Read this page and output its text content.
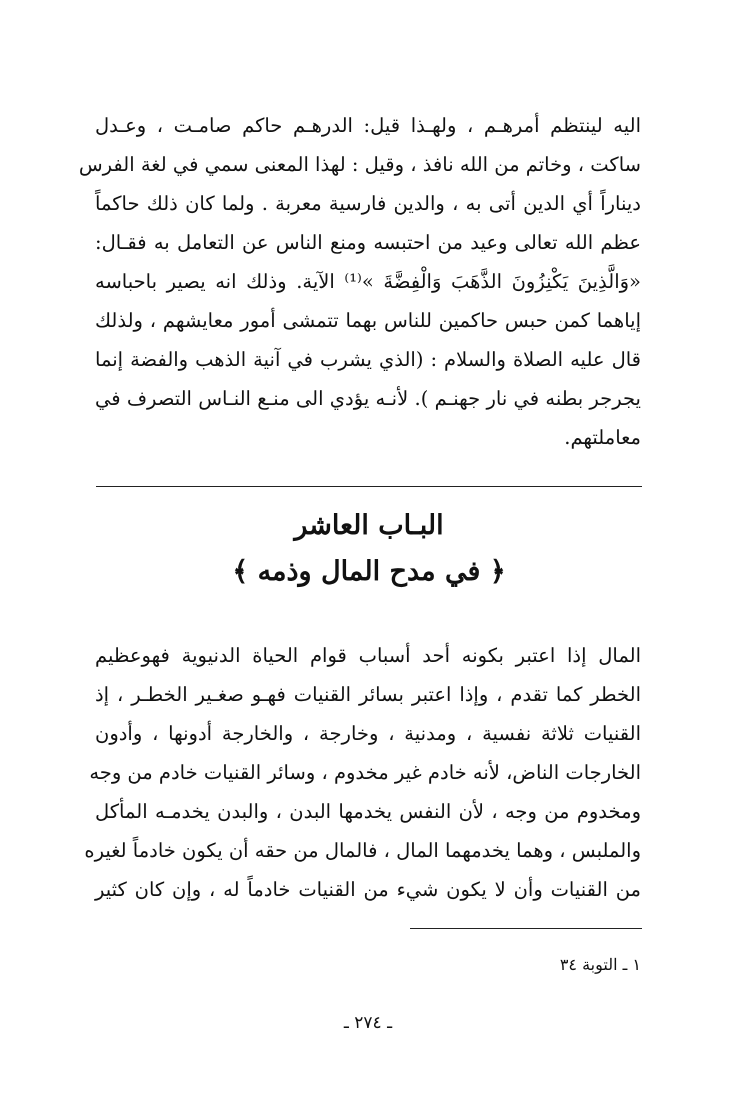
اليه لينتظم أمرهـم ، ولهـذا قيل: الدرهـم حاكم صامـت ، وعـدل
ساكت ، وخاتم من الله نافذ ، وقيل : لهذا المعنى سمي في لغة الفرس
ديناراً أي الدين أتى به ، والدين فارسية معربة . ولما كان ذلك حاكماً
عظم الله تعالى وعيد من احتبسه ومنع الناس عن التعامل به فقـال:
«وَالَّذِينَ يَكْنِزُونَ الذَّهَبَ وَالْفِضَّةَ »⁽¹⁾ الآية. وذلك انه يصير باحباسه
إياهما كمن حبس حاكمين للناس بهما تتمشى أمور معايشهم ، ولذلك
قال عليه الصلاة والسلام : (الذي يشرب في آنية الذهب والفضة إنما
يجرجر بطنه في نار جهنـم ). لأنـه يؤدي الى منـع النـاس التصرف في
معاملتهم.
البـاب العاشر
﴿ في مدح المال وذمه ﴾
المال إذا اعتبر بكونه أحد أسباب قوام الحياة الدنيوية فهوعظيم
الخطر كما تقدم ، وإذا اعتبر بسائر القنيات فهـو صغـير الخطـر ، إذ
القنيات ثلاثة نفسية ، ومدنية ، وخارجة ، والخارجة أدونها ، وأدون
الخارجات الناض، لأنه خادم غير مخدوم ، وسائر القنيات خادم من وجه
ومخدوم من وجه ، لأن النفس يخدمها البدن ، والبدن يخدمـه المأكل
والملبس ، وهما يخدمهما المال ، فالمال من حقه أن يكون خادماً لغيره
من القنيات وأن لا يكون شيء من القنيات خادماً له ، وإن كان كثير
١ ـ التوبة ٣٤
ـ ٢٧٤ ـ
